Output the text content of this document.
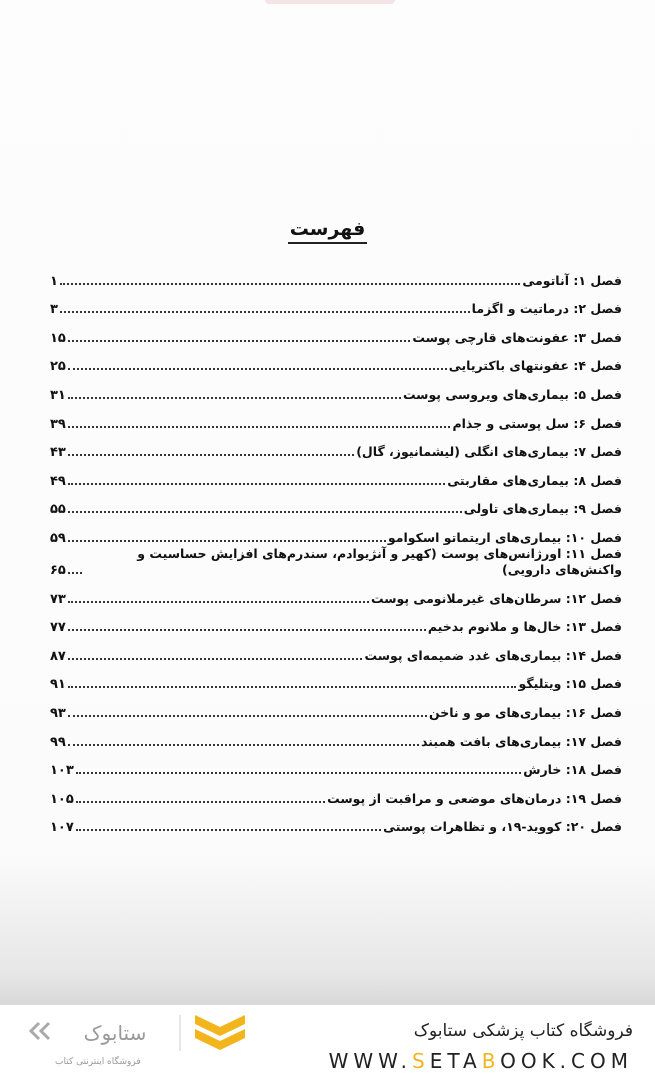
فهرست
فصل ۱: آناتومی
۱
فصل ۲: درماتیت و اگزما
۳
فصل ۳: عفونت‌های قارچی پوست
۱۵
فصل ۴: عفونتهای باکتریایی
۲۵
فصل ۵: بیماری‌های ویروسی پوست
۳۱
فصل ۶: سل پوستی و جذام
۳۹
فصل ۷: بیماری‌های انگلی (لیشمانیوز، گال)
۴۳
فصل ۸: بیماری‌های مقاربتی
۴۹
فصل ۹: بیماری‌های تاولی
۵۵
فصل ۱۰: بیماری‌های اریتماتو اسکوامو
۵۹
فصل ۱۱: اورژانس‌های پوست (کهیر و آنژیوادم، سندرم‌های افزایش حساسیت و واکنش‌های دارویی)
۶۵
فصل ۱۲: سرطان‌های غیرملانومی پوست
۷۳
فصل ۱۳: خال‌ها و ملانوم بدخیم
۷۷
فصل ۱۴: بیماری‌های غدد ضمیمه‌ای پوست
۸۷
فصل ۱۵: ویتلیگو
۹۱
فصل ۱۶: بیماری‌های مو و ناخن
۹۳
فصل ۱۷: بیماری‌های بافت همبند
۹۹
فصل ۱۸: خارش
۱۰۳
فصل ۱۹: درمان‌های موضعی و مراقبت از پوست
۱۰۵
فصل ۲۰: کووید-۱۹، و تظاهرات پوستی
۱۰۷
ستابوک
فروشگاه اینترنتی کتاب
فروشگاه کتاب پزشکی ستابوک
WWW.SETABOOK.COM
